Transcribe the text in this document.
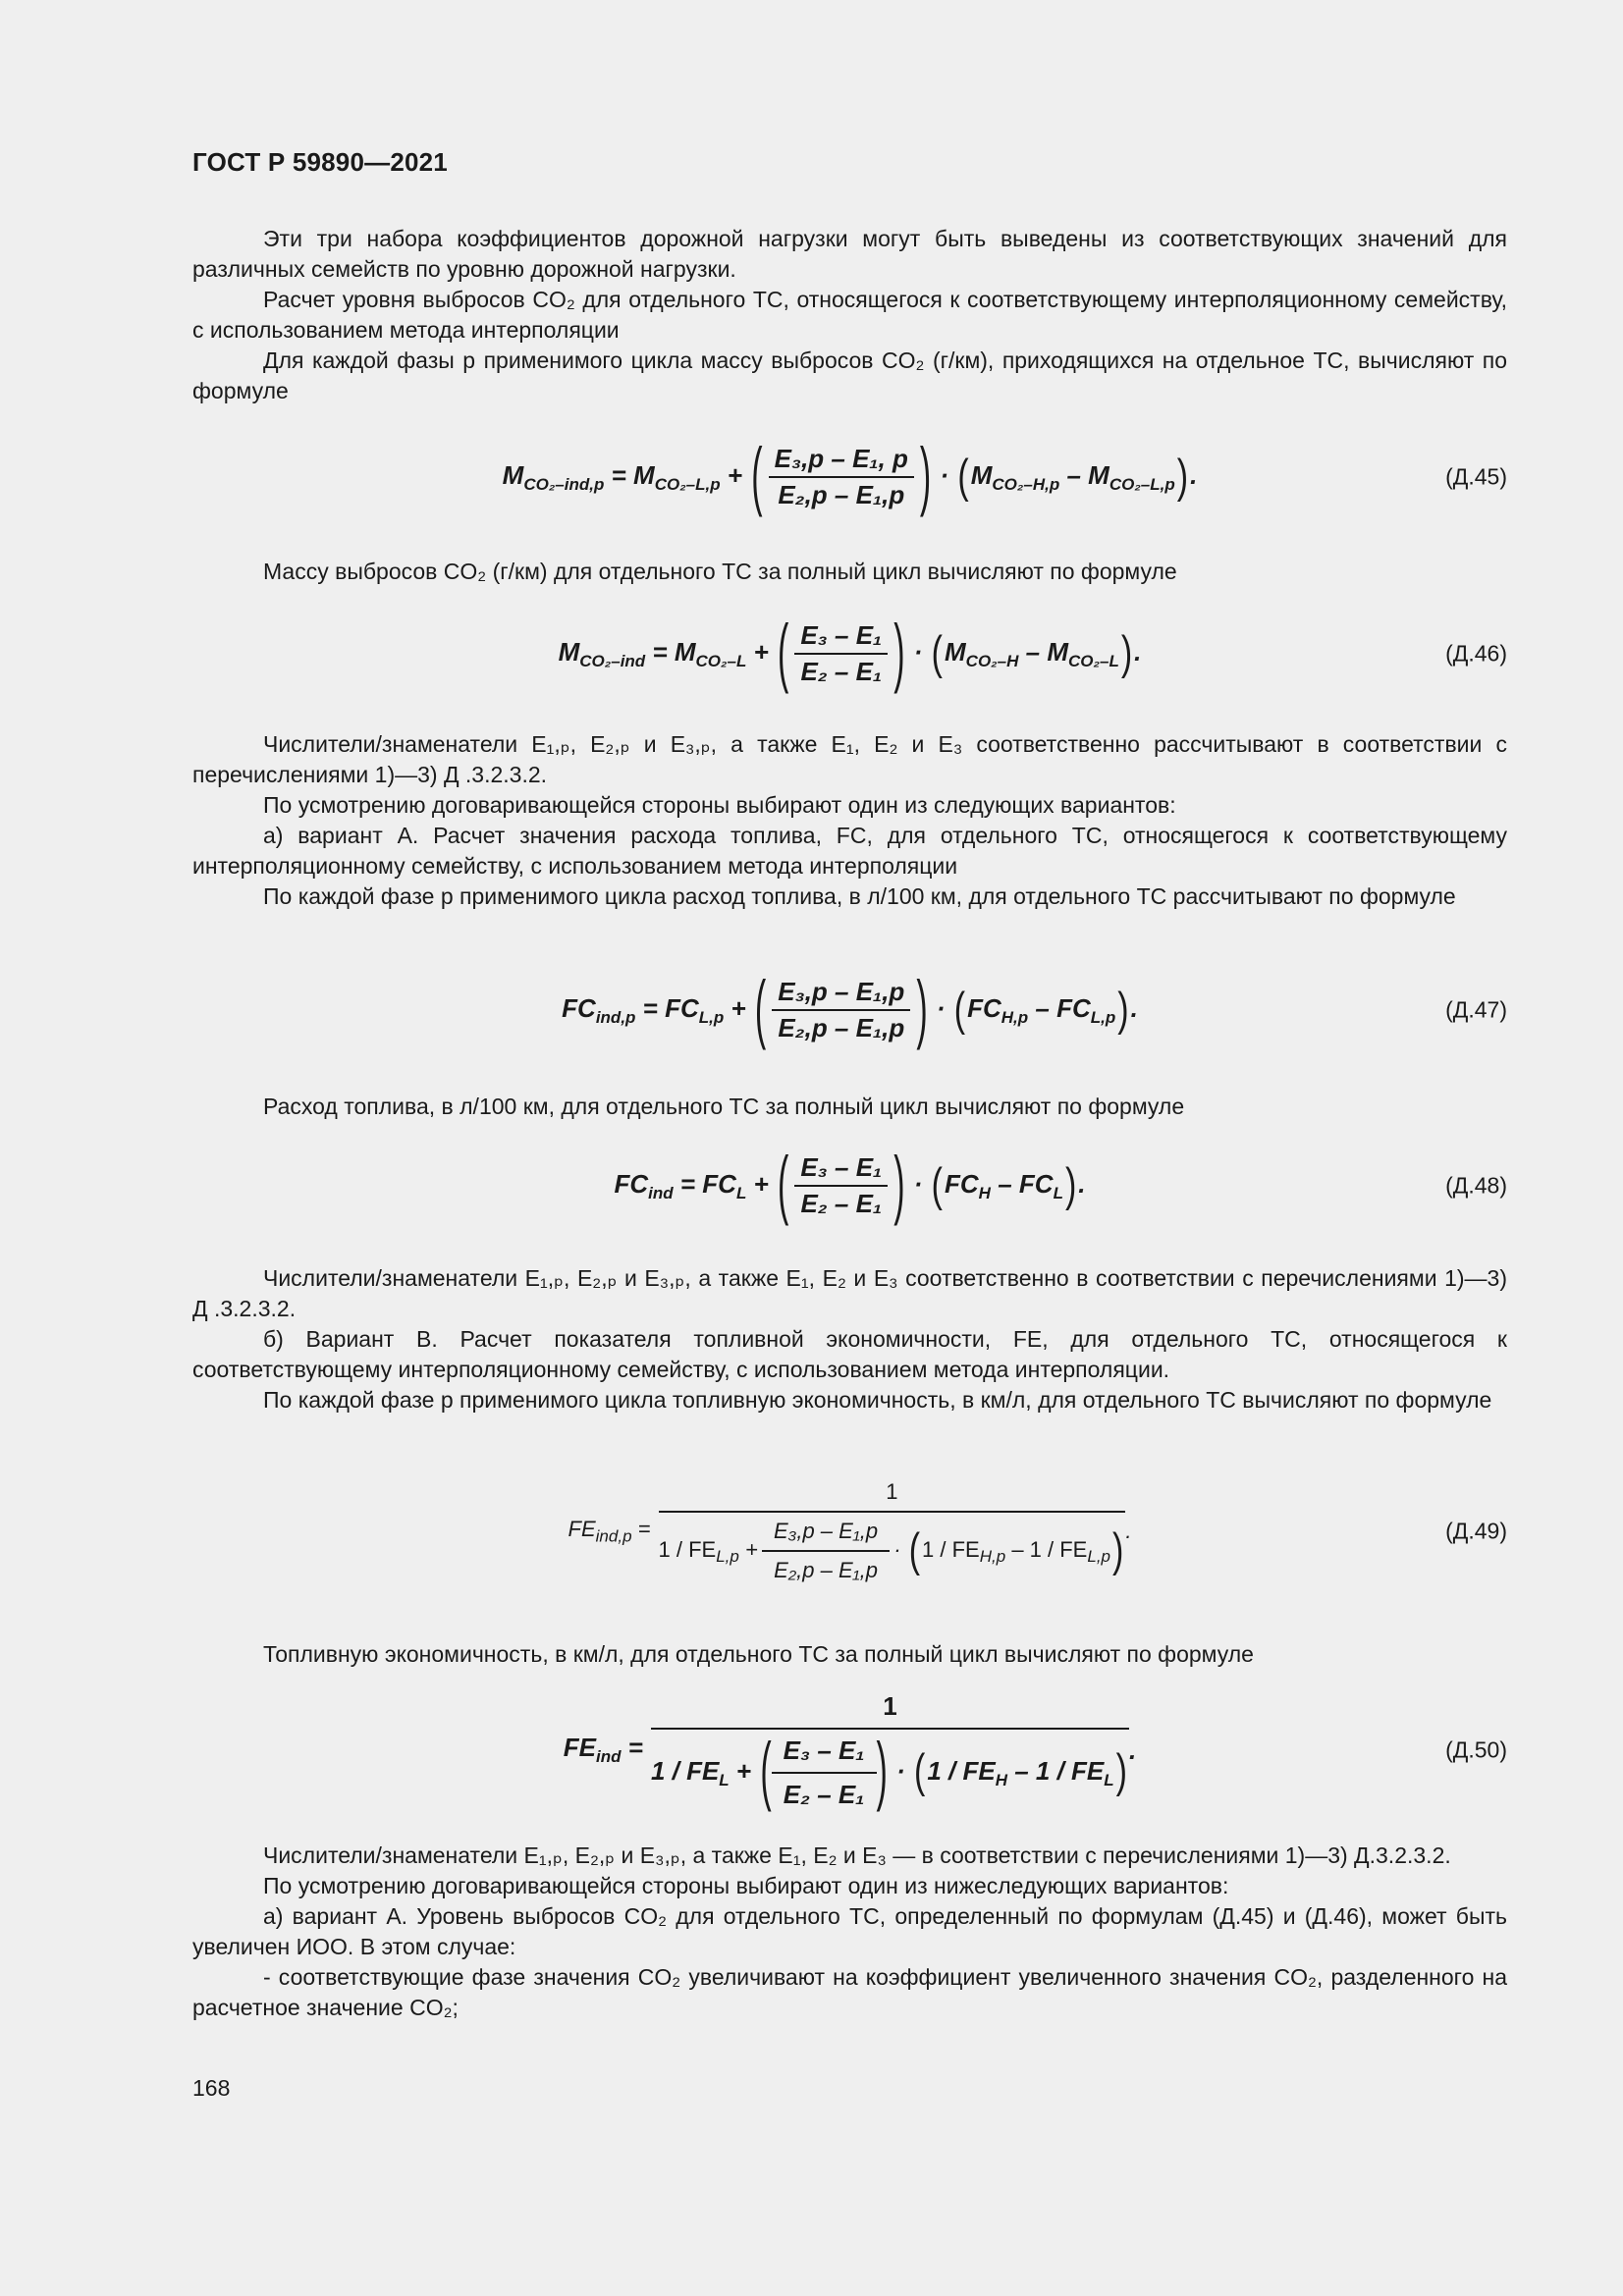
ГОСТ Р 59890—2021

Эти три набора коэффициентов дорожной нагрузки могут быть выведены из соответствующих значений для различных семейств по уровню дорожной нагрузки.

Расчет уровня выбросов CO₂ для отдельного ТС, относящегося к соответствующему интерполяционному семейству, с использованием метода интерполяции

Для каждой фазы p применимого цикла массу выбросов CO₂ (г/км), приходящихся на отдельное ТС, вычисляют по формуле

$M_{CO_2-ind,p} = M_{CO_2-L,p}$ + ( $\frac{\text{E₃,p – E₁, p}}{\text{E₂,p – E₁,p}}$ ) · $(M_{CO_2-H,p} - M_{CO_2-L,p})$.	(Д.45)

Массу выбросов CO₂ (г/км) для отдельного ТС за полный цикл вычисляют по формуле

$M_{CO_2-ind} = M_{CO_2-L}$ + ( $\frac{\text{E₃ – E₁}}{\text{E₂ – E₁}}$ ) · $(M_{CO_2-H} - M_{CO_2-L})$.	(Д.46)

Числители/знаменатели E₁,ₚ, E₂,ₚ и E₃,ₚ, а также E₁, E₂ и E₃ соответственно рассчитывают в соответствии с перечислениями 1)—3) Д .3.2.3.2.

По усмотрению договаривающейся стороны выбирают один из следующих вариантов:

а) вариант А. Расчет значения расхода топлива, FC, для отдельного ТС, относящегося к соответствующему интерполяционному семейству, с использованием метода интерполяции

По каждой фазе p применимого цикла расход топлива, в л/100 км, для отдельного ТС рассчитывают по формуле

$FC_{ind,p} = FC_{L,p}$ + ( $\frac{\text{E₃,p – E₁,p}}{\text{E₂,p – E₁,p}}$ ) · $(FC_{H,p} - FC_{L,p})$.	(Д.47)

Расход топлива, в л/100 км, для отдельного ТС за полный цикл вычисляют по формуле

$FC_{ind} = FC_L$ + ( $\frac{\text{E₃ – E₁}}{\text{E₂ – E₁}}$ ) · $(FC_H - FC_L)$.	(Д.48)

Числители/знаменатели E₁,ₚ, E₂,ₚ и E₃,ₚ, а также E₁, E₂ и E₃ соответственно в соответствии с перечислениями 1)—3) Д .3.2.3.2.

б) Вариант В. Расчет показателя топливной экономичности, FE, для отдельного ТС, относящегося к соответствующему интерполяционному семейству, с использованием метода интерполяции.

По каждой фазе p применимого цикла топливную экономичность, в км/л, для отдельного ТС вычисляют по формуле

$FE_{ind,p}$ =
1
$1 / FE_{L,p} + \frac{\text{E₃,p – E₁,p}}{\text{E₂,p – E₁,p}} \cdot (1 / FE_{H,p} - 1 / FE_{L,p})$ .	(Д.49)

Топливную экономичность, в км/л, для отдельного ТС за полный цикл вычисляют по формуле

$FE_{ind}$ =
1
$1 / FE_L$ + ( $\frac{\text{E₃ – E₁}}{\text{E₂ – E₁}}$ ) · $(1 / FE_H - 1 / FE_L)$ .	(Д.50)

Числители/знаменатели E₁,ₚ, E₂,ₚ и E₃,ₚ, а также E₁, E₂ и E₃ — в соответствии с перечислениями 1)—3) Д.3.2.3.2.

По усмотрению договаривающейся стороны выбирают один из нижеследующих вариантов:

а) вариант А. Уровень выбросов CO₂ для отдельного ТС, определенный по формулам (Д.45) и (Д.46), может быть увеличен ИОО. В этом случае:

- соответствующие фазе значения CO₂ увеличивают на коэффициент увеличенного значения CO₂, разделенного на расчетное значение CO₂;

168
